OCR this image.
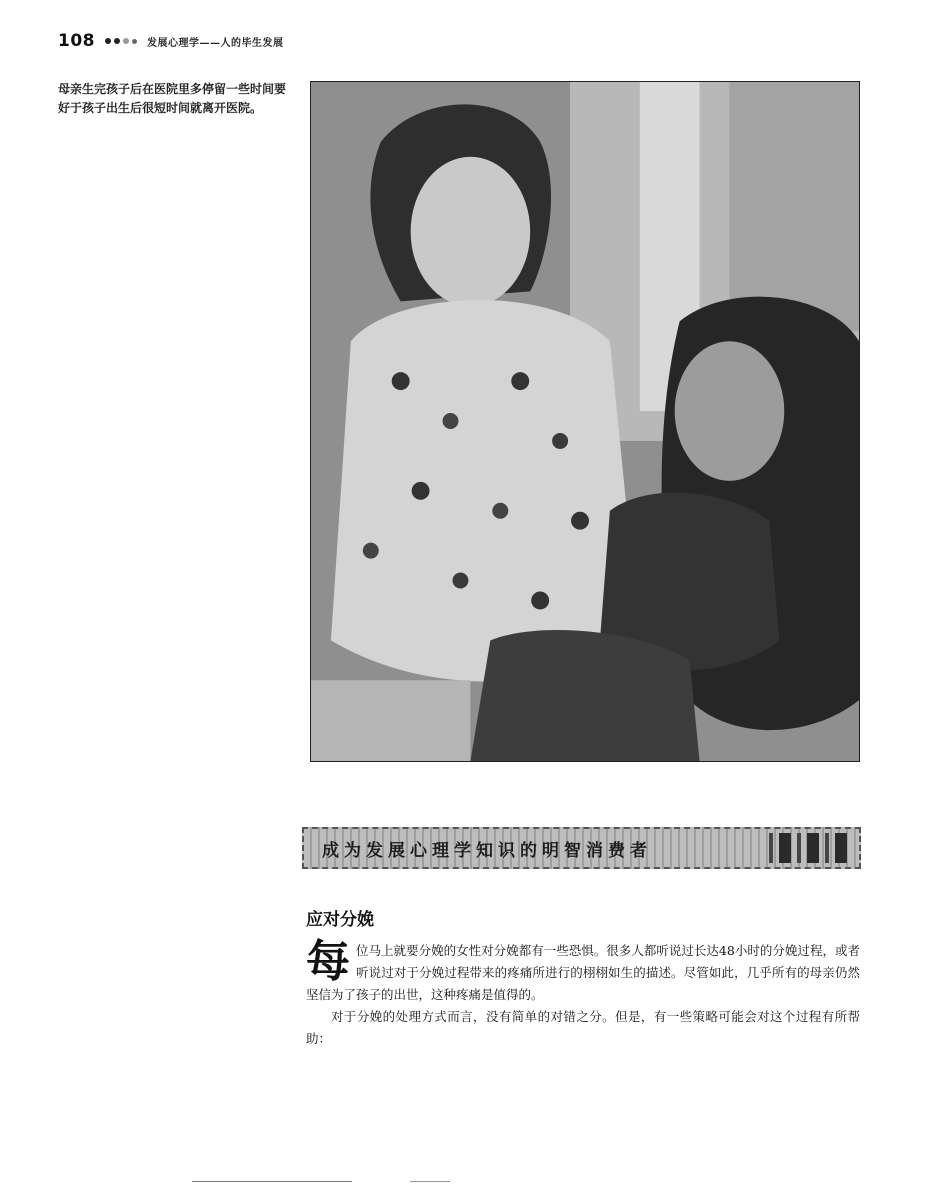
108	发展心理学——人的毕生发展
母亲生完孩子后在医院里多停留一些时间要好于孩子出生后很短时间就离开医院。
成为发展心理学知识的明智消费者
应对分娩

每 位马上就要分娩的女性对分娩都有一些恐惧。很多人都听说过长达48小时的分娩过程，或者听说过对于分娩过程带来的疼痛所进行的栩栩如生的描述。尽管如此，几乎所有的母亲仍然坚信为了孩子的出世，这种疼痛是值得的。

对于分娩的处理方式而言，没有简单的对错之分。但是，有一些策略可能会对这个过程有所帮助：
